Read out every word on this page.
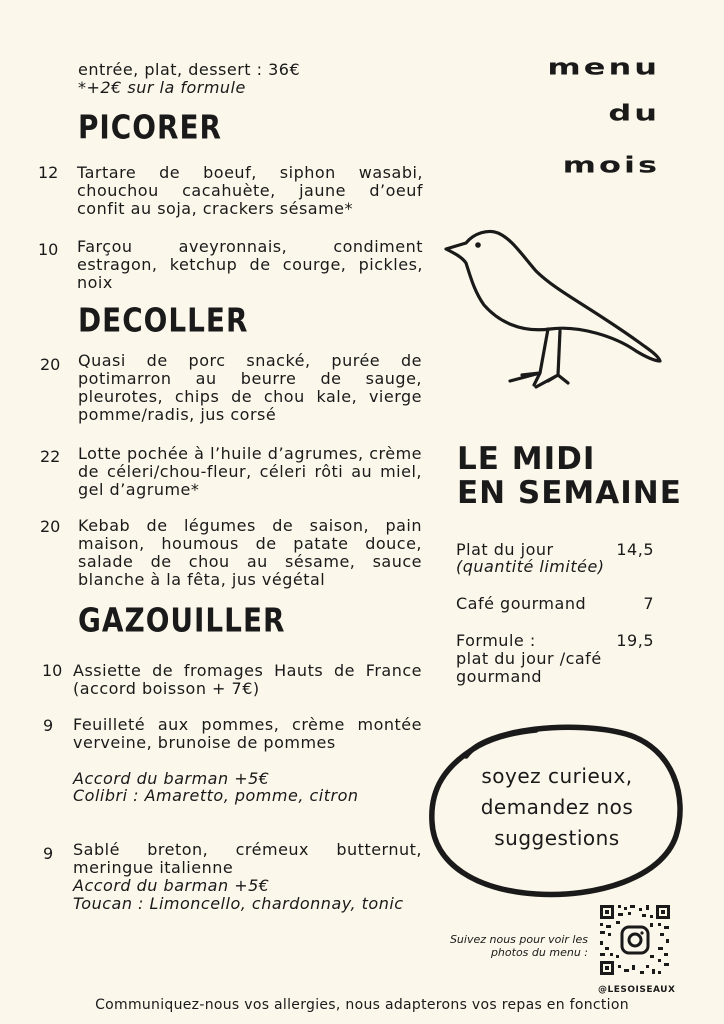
entrée, plat, dessert : 36€
*+2€ sur la formule
menu
du
mois
PICORER
12 Tartare de boeuf, siphon wasabi, chouchou cacahuète, jaune d’oeuf confit au soja, crackers sésame*
10 Farçou aveyronnais, condiment estragon, ketchup de courge, pickles, noix
DECOLLER
20 Quasi de porc snacké, purée de potimarron au beurre de sauge, pleurotes, chips de chou kale, vierge pomme/radis, jus corsé
22 Lotte pochée à l’huile d’agrumes, crème de céleri/chou-fleur, céleri rôti au miel, gel d’agrume*
20 Kebab de légumes de saison, pain maison, houmous de patate douce, salade de chou au sésame, sauce blanche à la fêta, jus végétal
GAZOUILLER
10 Assiette de fromages Hauts de France (accord boisson + 7€)
9 Feuilleté aux pommes, crème montée verveine, brunoise de pommes
Accord du barman +5€
Colibri : Amaretto, pomme, citron
9 Sablé breton, crémeux butternut, meringue italienne
Accord du barman +5€
Toucan : Limoncello, chardonnay, tonic
LE MIDI
EN SEMAINE
Plat du jour	14,5
(quantité limitée)
Café gourmand	7
Formule :	19,5
plat du jour /café gourmand
soyez curieux,
demandez nos
suggestions
Suivez nous pour voir les photos du menu :
@LESOISEAUX
Communiquez-nous vos allergies, nous adapterons vos repas en fonction
